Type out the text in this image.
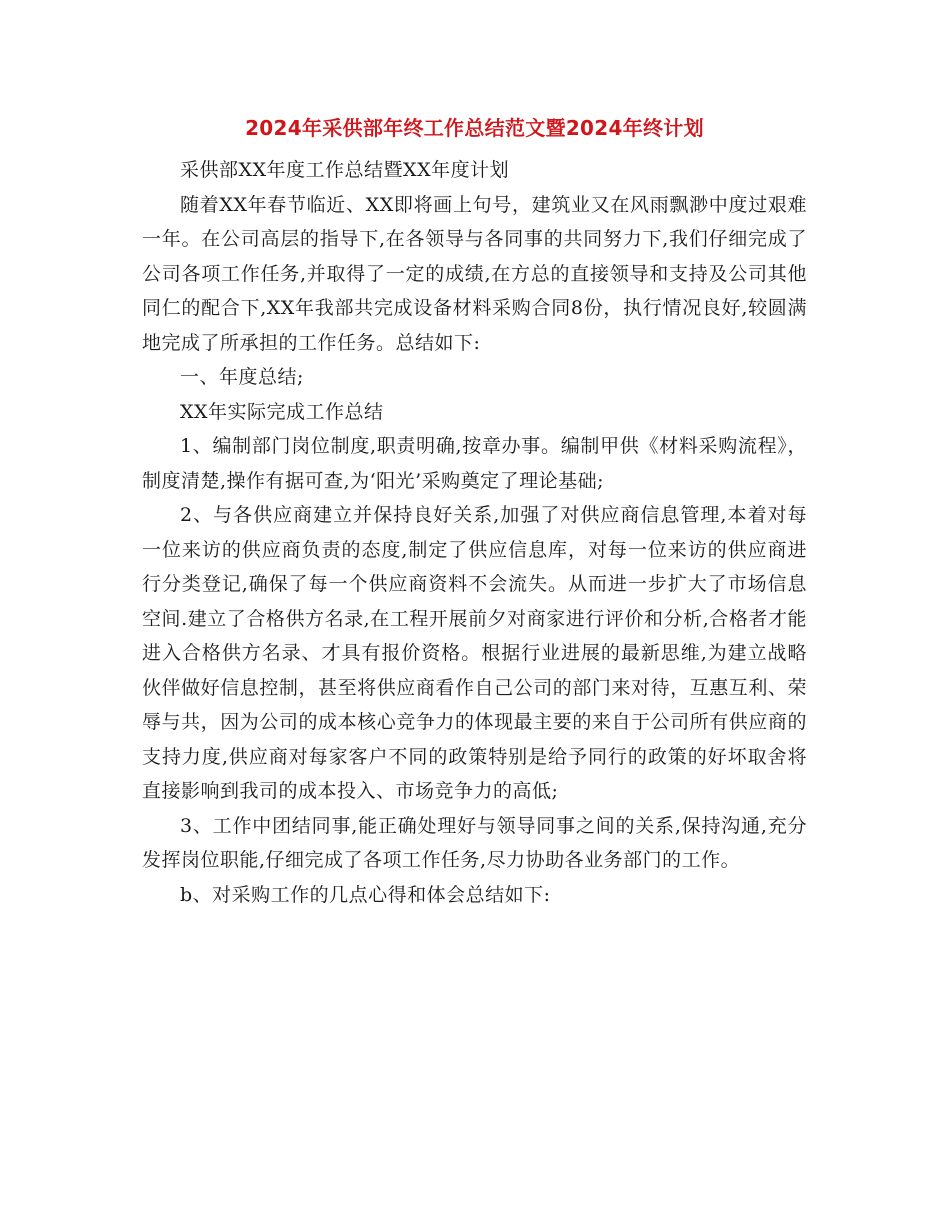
2024年采供部年终工作总结范文暨2024年终计划

采供部XX年度工作总结暨XX年度计划

随着XX年春节临近、XX即将画上句号，建筑业又在风雨飘渺中度过艰难一年。在公司高层的指导下,在各领导与各同事的共同努力下,我们仔细完成了公司各项工作任务,并取得了一定的成绩,在方总的直接领导和支持及公司其他同仁的配合下,XX年我部共完成设备材料采购合同8份，执行情况良好,较圆满地完成了所承担的工作任务。总结如下:

一、年度总结;

XX年实际完成工作总结

1、编制部门岗位制度,职责明确,按章办事。编制甲供《材料采购流程》，制度清楚,操作有据可查,为‘阳光’采购奠定了理论基础;

2、与各供应商建立并保持良好关系,加强了对供应商信息管理,本着对每一位来访的供应商负责的态度,制定了供应信息库，对每一位来访的供应商进行分类登记,确保了每一个供应商资料不会流失。从而进一步扩大了市场信息空间.建立了合格供方名录,在工程开展前夕对商家进行评价和分析,合格者才能进入合格供方名录、才具有报价资格。根据行业进展的最新思维,为建立战略伙伴做好信息控制，甚至将供应商看作自己公司的部门来对待，互惠互利、荣辱与共，因为公司的成本核心竞争力的体现最主要的来自于公司所有供应商的支持力度,供应商对每家客户不同的政策特别是给予同行的政策的好坏取舍将直接影响到我司的成本投入、市场竞争力的高低;

3、工作中团结同事,能正确处理好与领导同事之间的关系,保持沟通,充分发挥岗位职能,仔细完成了各项工作任务,尽力协助各业务部门的工作。

b、对采购工作的几点心得和体会总结如下:
